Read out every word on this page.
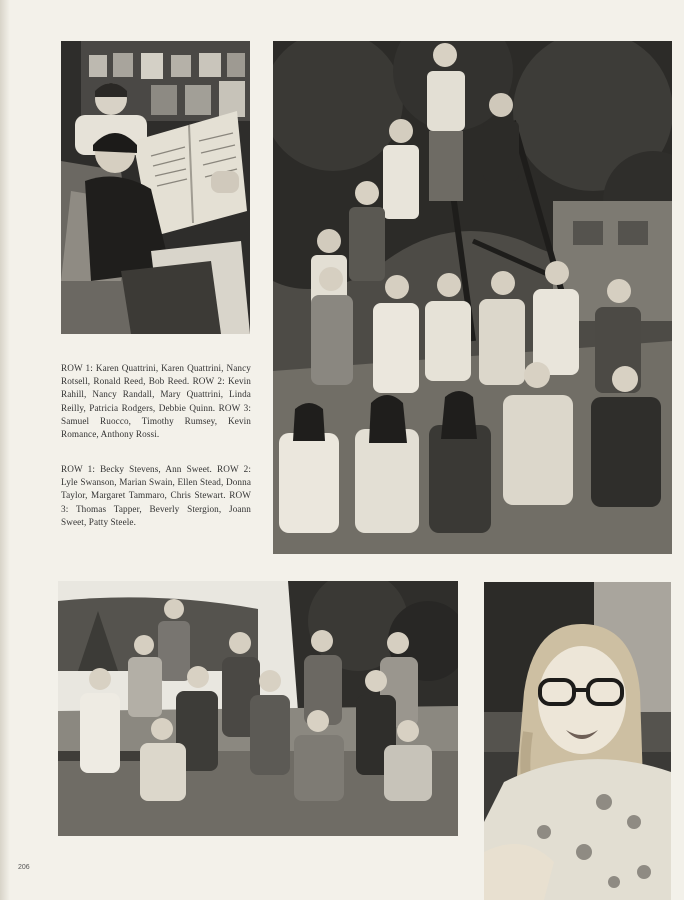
ROW 1: Karen Quattrini, Karen Quattrini, Nancy Rotsell, Ronald Reed, Bob Reed. ROW 2: Kevin Rahill, Nancy Randall, Mary Quattrini, Linda Reilly, Patricia Rodgers, Debbie Quinn. ROW 3: Samuel Ruocco, Timothy Rumsey, Kevin Romance, Anthony Rossi.
ROW 1: Becky Stevens, Ann Sweet. ROW 2: Lyle Swanson, Marian Swain, Ellen Stead, Donna Taylor, Margaret Tammaro, Chris Stewart. ROW 3: Thomas Tapper, Beverly Stergion, Joann Sweet, Patty Steele.
206
